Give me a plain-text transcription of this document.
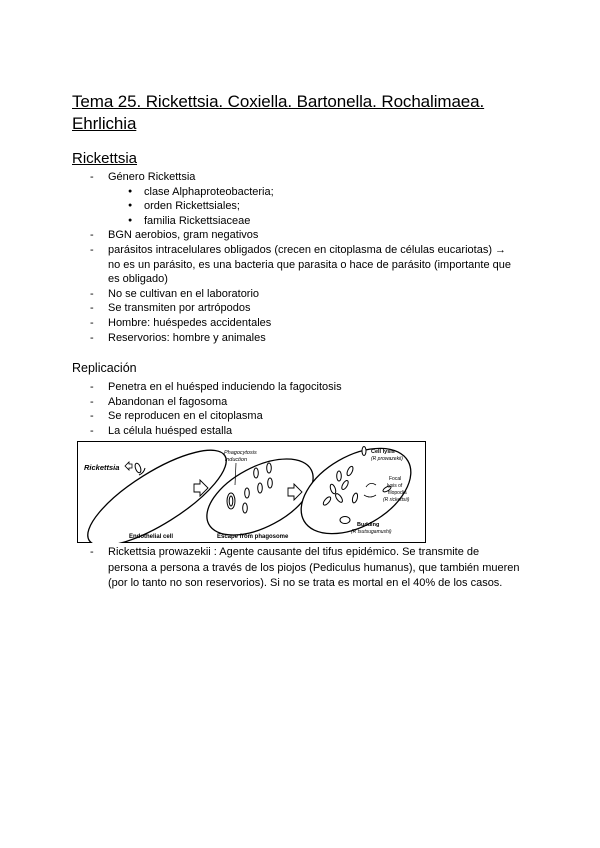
Tema 25. Rickettsia. Coxiella. Bartonella. Rochalimaea. Ehrlichia
Rickettsia
- Género Rickettsia
● clase Alphaproteobacteria;
● orden Rickettsiales;
● familia Rickettsiaceae
- BGN aerobios, gram negativos
- parásitos intracelulares obligados (crecen en citoplasma de células eucariotas) → no es un parásito, es una bacteria que parasita o hace de parásito (importante que es obligado)
- No se cultivan en el laboratorio
- Se transmiten por artrópodos
- Hombre: huéspedes accidentales
- Reservorios: hombre y animales
Replicación
- Penetra en el huésped induciendo la fagocitosis
- Abandonan el fagosoma
- Se reproducen en el citoplasma
- La célula huésped estalla
Rickettsia
Endothelial cell
Phagocytosis
induction
Escape from phagosome
Cell lysis
(R prowazekii)
Focal
lysis of
filopodia
(R rickettsii)
Budding
(R tsutsugamushi)
- Rickettsia prowazekii : Agente causante del tifus epidémico. Se transmite de persona a persona a través de los piojos (Pediculus humanus), que también mueren (por lo tanto no son reservorios). Si no se trata es mortal en el 40% de los casos.
